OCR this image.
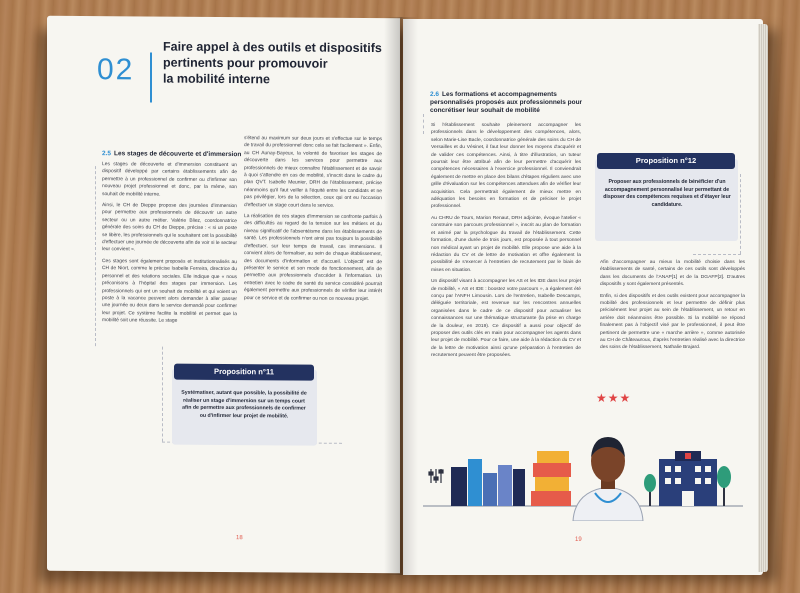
02
Faire appel à des outils et dispositifs
pertinents pour promouvoir
la mobilité interne
2.5 Les stages de découverte et d'immersion

Les stages de découverte et d'immersion constituent un dispositif développé par certains établissements afin de permettre à un professionnel de confirmer ou d'infirmer son nouveau projet professionnel et donc, par la même, son souhait de mobilité interne.

Ainsi, le CH de Dieppe propose des journées d'immersion pour permettre aux professionnels de découvrir un autre secteur ou un autre métier. Valérie Bliez, coordonnatrice générale des soins du CH de Dieppe, précise : « si un poste se libère, les professionnels qui le souhaitent ont la possibilité d'effectuer une journée de découverte afin de voir si le secteur leur convient ».

Ces stages sont également proposés et institutionnalisés au CH de Niort, comme le précise Isabelle Ferreira, directrice du personnel et des relations sociales. Elle indique que « nous préconisons à l'hôpital des stages par immersion. Les professionnels qui ont un souhait de mobilité et qui voient un poste à la vacance peuvent alors demander à aller passer une journée ou deux dans le service demandé pour confirmer leur projet. Ce système facilite la mobilité et permet que la mobilité soit une réussite. Le stage

s'étend au maximum sur deux jours et s'effectue sur le temps de travail du professionnel donc cela se fait facilement ». Enfin, au CH Aunay-Bayeux, la volonté de favoriser les stages de découverte dans les services pour permettre aux professionnels de mieux connaître l'établissement et de savoir à quoi s'attendre en cas de mobilité, s'inscrit dans le cadre du plan QVT. Isabelle Meunier, DRH de l'établissement, précise néanmoins qu'il faut veiller à l'équité entre les candidats et ne pas privilégier, lors de la sélection, ceux qui ont eu l'occasion d'effectuer un stage court dans le service.

La réalisation de ces stages d'immersion se confronte parfois à des difficultés au regard de la tension sur les métiers et du niveau significatif de l'absentéisme dans les établissements de santé. Les professionnels n'ont ainsi pas toujours la possibilité d'effectuer, sur leur temps de travail, ces immersions. Il convient alors de formaliser, au sein de chaque établissement, des documents d'information et d'accueil. L'objectif est de présenter le service et son mode de fonctionnement, afin de permettre aux professionnels d'accéder à l'information. Un entretien avec le cadre de santé du service considéré pourrait également permettre aux professionnels de vérifier leur intérêt pour ce service et de confirmer ou non ce nouveau projet.

Proposition n°11
Systématiser, autant que possible, la possibilité de réaliser un stage d'immersion sur un temps court afin de permettre aux professionnels de confirmer ou d'infirmer leur projet de mobilité.
18
2.6 Les formations et accompagnements personnalisés proposés aux professionnels pour concrétiser leur souhait de mobilité

Si l'établissement souhaite pleinement accompagner les professionnels dans le développement des compétences, alors, selon Marie-Lise Bacle, coordonnatrice générale des soins du CH de Versailles et du Vésinet, il faut leur donner les moyens d'acquérir et de valider ces compétences. Ainsi, à titre d'illustration, un tuteur pourrait leur être attribué afin de leur permettre d'acquérir les compétences nécessaires à l'exercice professionnel. Il conviendrait également de mettre en place des bilans d'étapes réguliers avec une grille d'évaluation sur les compétences attendues afin de vérifier leur acquisition. Cela permettrait également de mieux mettre en adéquation les besoins en formation et de préciser le projet professionnel.

Au CHRU de Tours, Marion Renaut, DRH adjointe, évoque l'atelier « construire son parcours professionnel », inscrit au plan de formation et animé par la psychologue du travail de l'établissement. Cette formation, d'une durée de trois jours, est proposée à tout personnel non médical ayant un projet de mobilité. Elle propose une aide à la rédaction du CV et de lettre de motivation et offre également la possibilité de s'exercer à l'entretien de recrutement par le biais de mises en situation.

Un dispositif visant à accompagner les AS et les IDE dans leur projet de mobilité, « AS et IDE : boostez votre parcours », a également été conçu par l'ANFH Limousin. Lors de l'entretien, Isabelle Descamps, déléguée territoriale, est revenue sur les rencontres annuelles organisées dans le cadre de ce dispositif pour actualiser les connaissances sur une thématique structurante (la prise en charge de la douleur, en 2019). Ce dispositif a aussi pour objectif de proposer des outils clés en main pour accompagner les agents dans leur projet de mobilité. Pour ce faire, une aide à la rédaction du CV et de la lettre de motivation ainsi qu'une préparation à l'entretien de recrutement peuvent être proposées.

Proposition n°12
Proposer aux professionnels de bénéficier d'un accompagnement personnalisé leur permettant de disposer des compétences requises et d'étayer leur candidature.

Afin d'accompagner au mieux la mobilité choisie dans les établissements de santé, certains de ces outils sont développés dans les documents de l'ANAP[1] et de la DGAFP[2]. D'autres dispositifs y sont également présentés.

Enfin, si des dispositifs et des outils existent pour accompagner la mobilité des professionnels et leur permettre de définir plus précisément leur projet au sein de l'établissement, un retour en arrière doit néanmoins être possible. Si la mobilité ne répond finalement pas à l'objectif visé par le professionnel, il peut être pertinent de permettre une « marche arrière », comme autorisée au CH de Châteauroux, d'après l'entretien réalisé avec la directrice des soins de l'établissement, Nathalie Brajard.

★★★
19
